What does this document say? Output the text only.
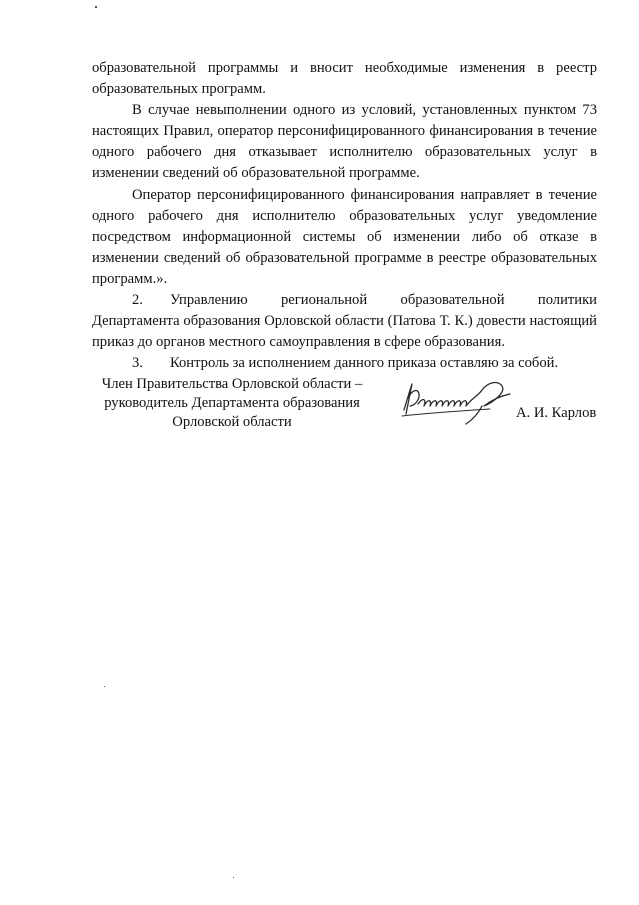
образовательной программы и вносит необходимые изменения в реестр образовательных программ.

В случае невыполнении одного из условий, установленных пунктом 73 настоящих Правил, оператор персонифицированного финансирования в течение одного рабочего дня отказывает исполнителю образовательных услуг в изменении сведений об образовательной программе.

Оператор персонифицированного финансирования направляет в течение одного рабочего дня исполнителю образовательных услуг уведомление посредством информационной системы об изменении либо об отказе в изменении сведений об образовательной программе в реестре образовательных программ.».

2. Управлению региональной образовательной политики Департамента образования Орловской области (Патова Т. К.) довести настоящий приказ до органов местного самоуправления в сфере образования.

3. Контроль за исполнением данного приказа оставляю за собой.

Член Правительства Орловской области –
руководитель Департамента образования
Орловской области
А. И. Карлов
